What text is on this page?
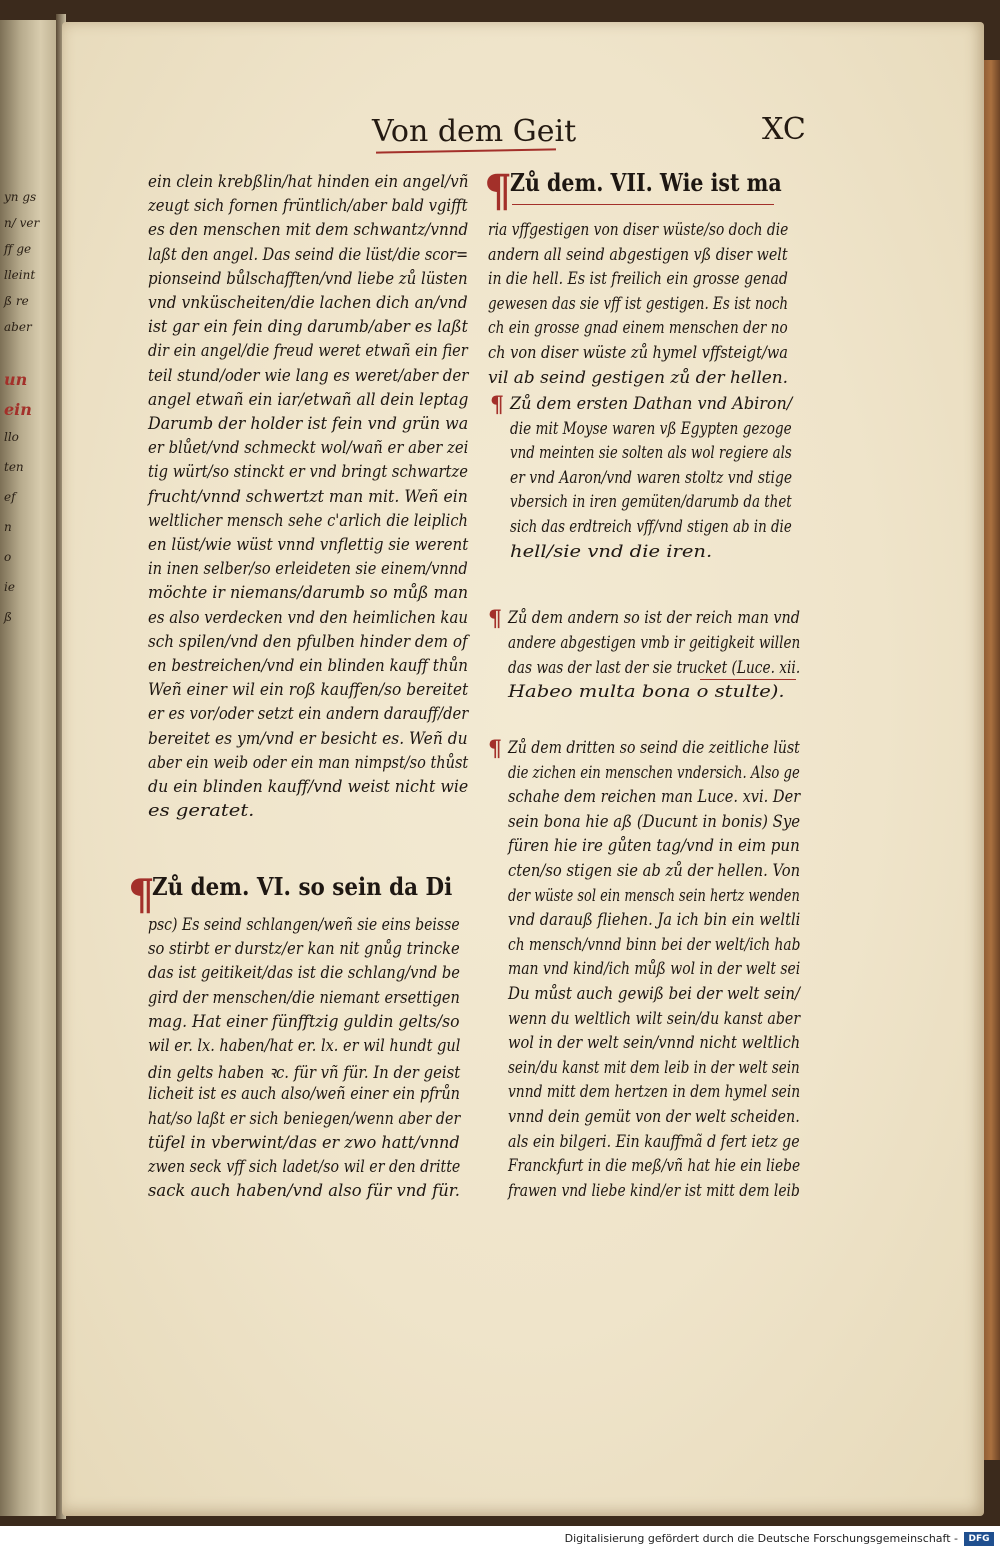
yn gs
n/ ver
ff ge
lleint
ß re
aber
un
ein
llo
ten
ef
n
o
ie
ß
Von dem Geit	XC
ein clein krebßlin/hat hinden ein angel/vñ
zeugt sich fornen früntlich/aber bald vgifft
es den menschen mit dem schwantz/vnnd
laßt den angel. Das seind die lüst/die scor=
pionseind bůlschafften/vnd liebe zů lüsten
vnd vnküscheiten/die lachen dich an/vnd
ist gar ein fein ding darumb/aber es laßt
dir ein angel/die freud weret etwañ ein fier
teil stund/oder wie lang es weret/aber der
angel etwañ ein iar/etwañ all dein leptag
Darumb der holder ist fein vnd grün wa
er blůet/vnd schmeckt wol/wañ er aber zei
tig würt/so stinckt er vnd bringt schwartze
frucht/vnnd schwertzt man mit. Weñ ein
weltlicher mensch sehe c'arlich die leiplich
en lüst/wie wüst vnnd vnflettig sie werent
in inen selber/so erleideten sie einem/vnnd
möchte ir niemans/darumb so můß man
es also verdecken vnd den heimlichen kau
sch spilen/vnd den pfulben hinder dem of
en bestreichen/vnd ein blinden kauff thůn
Weñ einer wil ein roß kauffen/so bereitet
er es vor/oder setzt ein andern darauff/der
bereitet es ym/vnd er besicht es. Weñ du
aber ein weib oder ein man nimpst/so thůst
du ein blinden kauff/vnd weist nicht wie
es geratet.
¶
Zů dem. VI. so sein da Di
psc) Es seind schlangen/weñ sie eins beisse
so stirbt er durstz/er kan nit gnůg trincke
das ist geitikeit/das ist die schlang/vnd be
gird der menschen/die niemant ersettigen
mag. Hat einer fünfftzig guldin gelts/so
wil er. lx. haben/hat er. lx. er wil hundt gul
din gelts haben ꝛc. für vñ für. In der geist
licheit ist es auch also/weñ einer ein pfrůn
hat/so laßt er sich beniegen/wenn aber der
tüfel in vberwint/das er zwo hatt/vnnd
zwen seck vff sich ladet/so wil er den dritte
sack auch haben/vnd also für vnd für.
¶
Zů dem. VII. Wie ist ma
ria vffgestigen von diser wüste/so doch die
andern all seind abgestigen vß diser welt
in die hell. Es ist freilich ein grosse genad
gewesen das sie vff ist gestigen. Es ist noch
ch ein grosse gnad einem menschen der no
ch von diser wüste zů hymel vffsteigt/wa
vil ab seind gestigen zů der hellen.
¶ Zů dem ersten Dathan vnd Abiron/
die mit Moyse waren vß Egypten gezoge
vnd meinten sie solten als wol regiere als
er vnd Aaron/vnd waren stoltz vnd stige
vbersich in iren gemüten/darumb da thet
sich das erdtreich vff/vnd stigen ab in die
hell/sie vnd die iren.
¶ Zů dem andern so ist der reich man vnd
andere abgestigen vmb ir geitigkeit willen
das was der last der sie trucket (Luce. xii.
Habeo multa bona o stulte).
¶ Zů dem dritten so seind die zeitliche lüst
die zichen ein menschen vndersich. Also ge
schahe dem reichen man Luce. xvi. Der
sein bona hie aß (Ducunt in bonis) Sye
füren hie ire gůten tag/vnd in eim pun
cten/so stigen sie ab zů der hellen. Von
der wüste sol ein mensch sein hertz wenden
vnd darauß fliehen. Ja ich bin ein weltli
ch mensch/vnnd binn bei der welt/ich hab
man vnd kind/ich můß wol in der welt sei
Du můst auch gewiß bei der welt sein/
wenn du weltlich wilt sein/du kanst aber
wol in der welt sein/vnnd nicht weltlich
sein/du kanst mit dem leib in der welt sein
vnnd mitt dem hertzen in dem hymel sein
vnnd dein gemüt von der welt scheiden.
als ein bilgeri. Ein kauffmã d fert ietz ge
Franckfurt in die meß/vñ hat hie ein liebe
frawen vnd liebe kind/er ist mitt dem leib
Digitalisierung gefördert durch die Deutsche Forschungsgemeinschaft -	DFG
